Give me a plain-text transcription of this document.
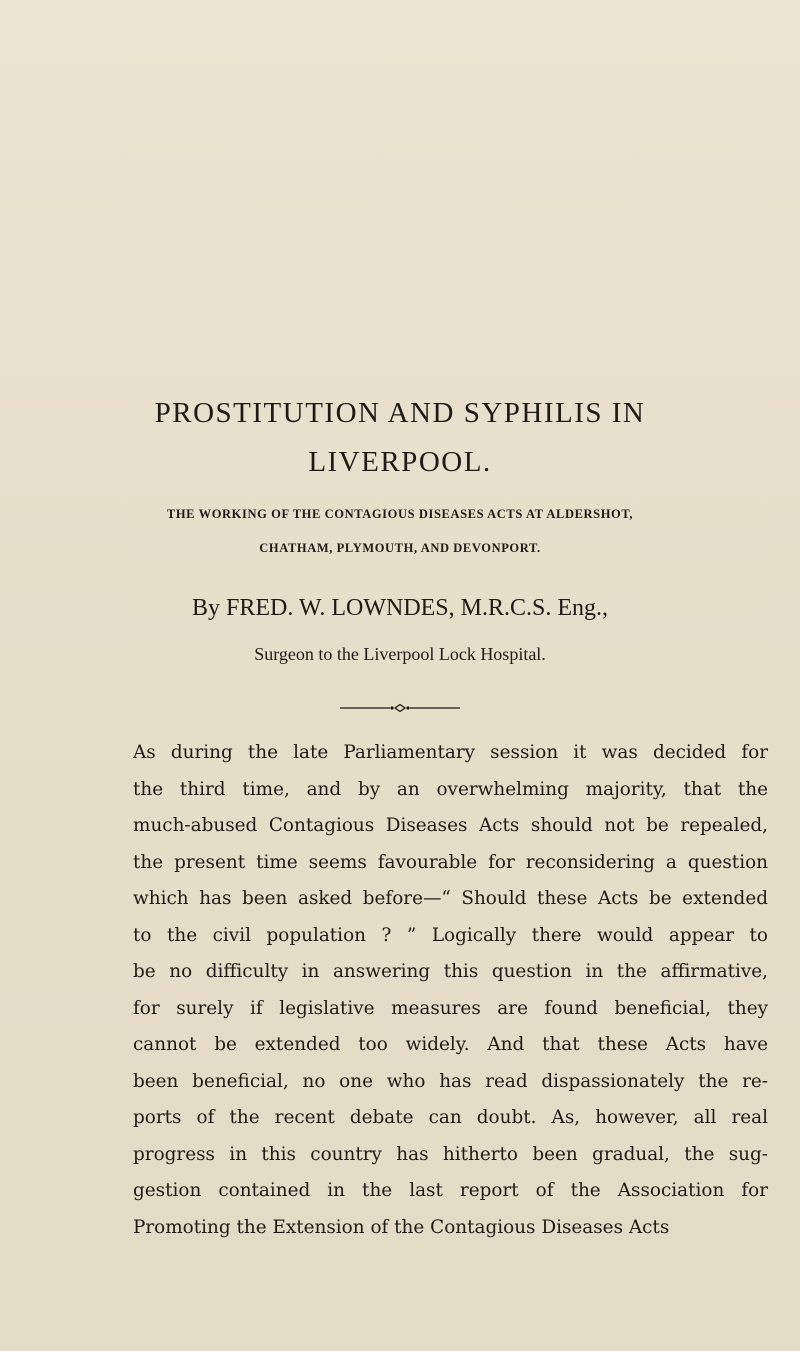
PROSTITUTION AND SYPHILIS IN
LIVERPOOL.
THE WORKING OF THE CONTAGIOUS DISEASES ACTS AT ALDERSHOT,
CHATHAM, PLYMOUTH, AND DEVONPORT.
By FRED. W. LOWNDES, M.R.C.S. Eng.,
Surgeon to the Liverpool Lock Hospital.
As during the late Parliamentary session it was decided for
the third time, and by an overwhelming majority, that the
much-abused Contagious Diseases Acts should not be repealed,
the present time seems favourable for reconsidering a question
which has been asked before—“ Should these Acts be extended
to the civil population ? ” Logically there would appear to
be no difficulty in answering this question in the affirmative,
for surely if legislative measures are found beneficial, they
cannot be extended too widely. And that these Acts have
been beneficial, no one who has read dispassionately the re-
ports of the recent debate can doubt. As, however, all real
progress in this country has hitherto been gradual, the sug-
gestion contained in the last report of the Association for
Promoting the Extension of the Contagious Diseases Acts
